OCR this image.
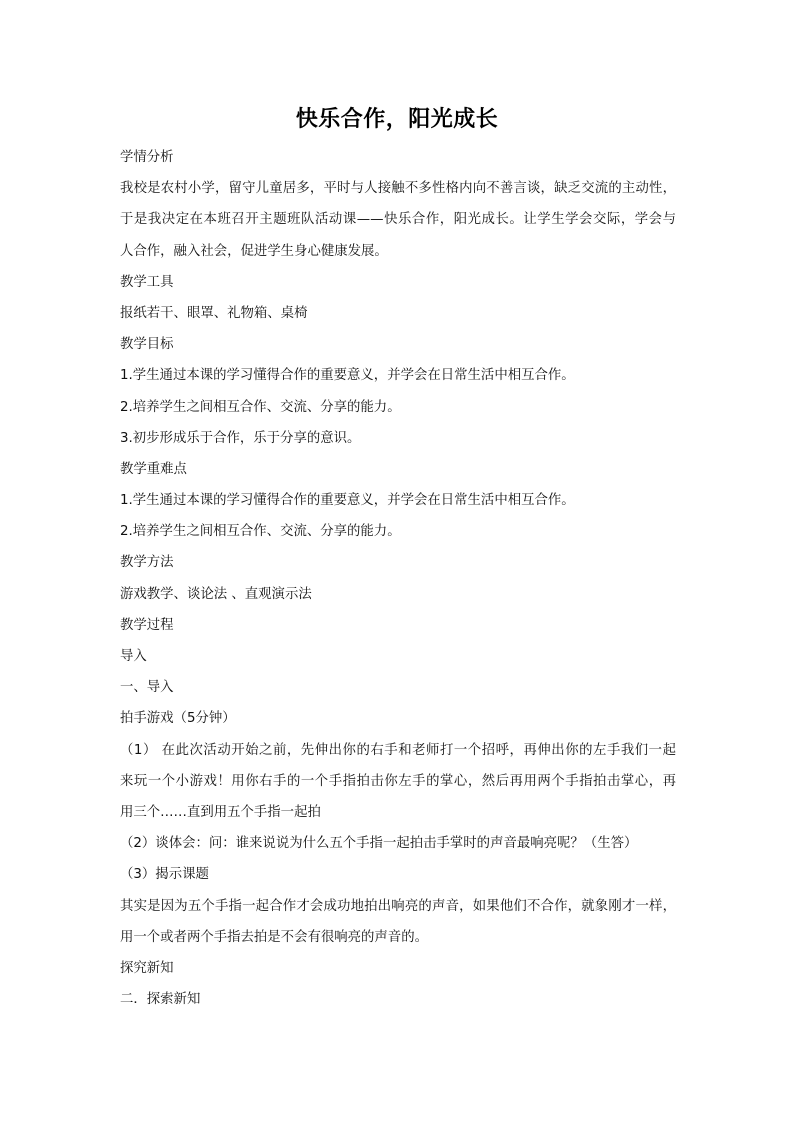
快乐合作，阳光成长
学情分析
我校是农村小学，留守儿童居多，平时与人接触不多性格内向不善言谈，缺乏交流的主动性，
于是我决定在本班召开主题班队活动课——快乐合作，阳光成长。让学生学会交际，学会与
人合作，融入社会，促进学生身心健康发展。
教学工具
报纸若干、眼罩、礼物箱、桌椅
教学目标
1.学生通过本课的学习懂得合作的重要意义，并学会在日常生活中相互合作。
2.培养学生之间相互合作、交流、分享的能力。
3.初步形成乐于合作，乐于分享的意识。
教学重难点
1.学生通过本课的学习懂得合作的重要意义，并学会在日常生活中相互合作。
2.培养学生之间相互合作、交流、分享的能力。
教学方法
游戏教学、谈论法 、直观演示法
教学过程
导入
一、导入
拍手游戏（5分钟）
（1） 在此次活动开始之前，先伸出你的右手和老师打一个招呼，再伸出你的左手我们一起
来玩一个小游戏！用你右手的一个手指拍击你左手的掌心，然后再用两个手指拍击掌心，再
用三个……直到用五个手指一起拍
（2）谈体会：问：谁来说说为什么五个手指一起拍击手掌时的声音最响亮呢？（生答）
（3）揭示课题
其实是因为五个手指一起合作才会成功地拍出响亮的声音，如果他们不合作，就象刚才一样，
用一个或者两个手指去拍是不会有很响亮的声音的。
探究新知
二．探索新知
